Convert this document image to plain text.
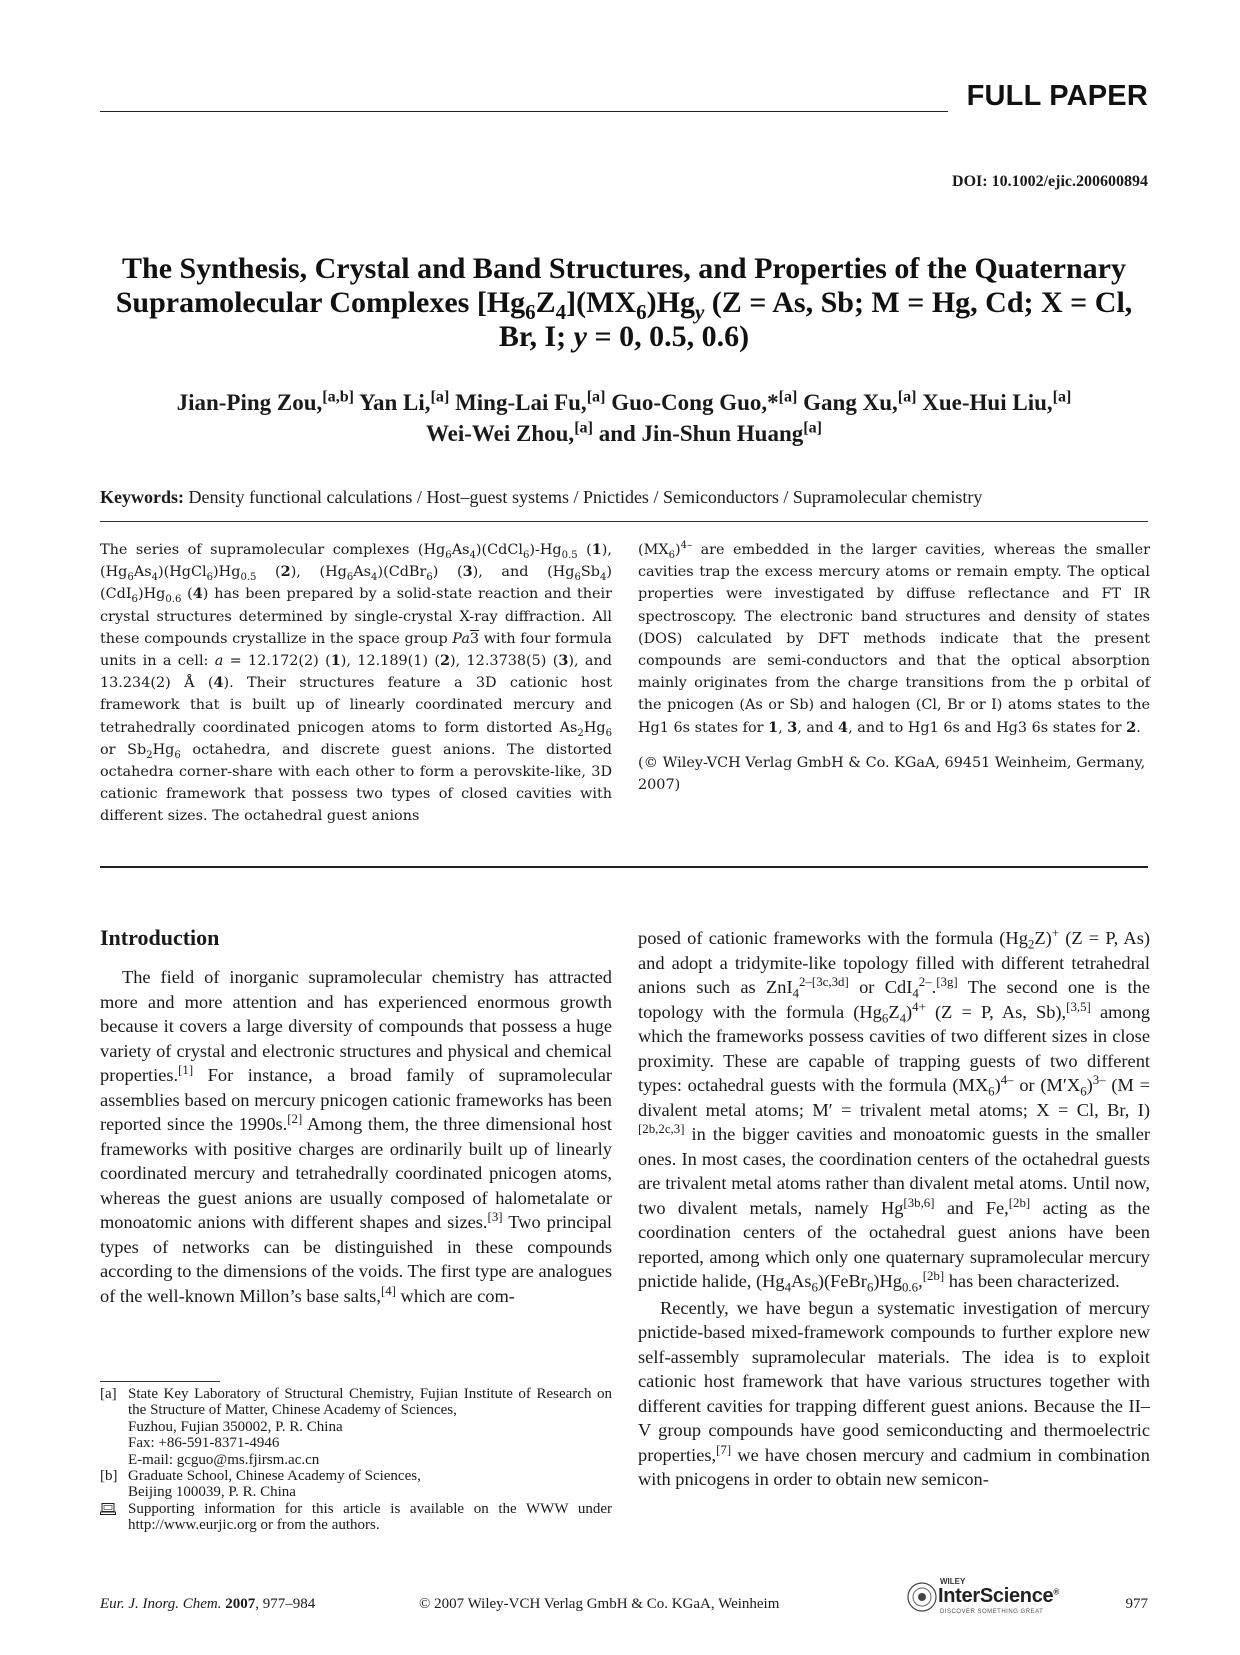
FULL PAPER
DOI: 10.1002/ejic.200600894
The Synthesis, Crystal and Band Structures, and Properties of the Quaternary Supramolecular Complexes $[Hg_6Z_4](MX_6)Hg_y$ (Z = As, Sb; M = Hg, Cd; X = Cl, Br, I; y = 0, 0.5, 0.6)
Jian-Ping Zou,[a,b] Yan Li,[a] Ming-Lai Fu,[a] Guo-Cong Guo,*[a] Gang Xu,[a] Xue-Hui Liu,[a]
Wei-Wei Zhou,[a] and Jin-Shun Huang[a]
Keywords: Density functional calculations / Host–guest systems / Pnictides / Semiconductors / Supramolecular chemistry
The series of supramolecular complexes $(Hg_6As_4)(CdCl_6)-Hg_{0.5}$ (1), $(Hg_6As_4)(HgCl_6)Hg_{0.5}$ (2), $(Hg_6As_4)(CdBr_6)$ (3), and $(Hg_6Sb_4)(CdI_6)Hg_{0.6}$ (4) has been prepared by a solid-state reaction and their crystal structures determined by single-crystal X-ray diffraction. All these compounds crystallize in the space group Pa3 with four formula units in a cell: a = 12.172(2) (1), 12.189(1) (2), 12.3738(5) (3), and 13.234(2) Å (4). Their structures feature a 3D cationic host framework that is built up of linearly coordinated mercury and tetrahedrally coordinated pnicogen atoms to form distorted $As_2Hg_6$ or $Sb_2Hg_6$ octahedra, and discrete guest anions. The distorted octahedra corner-share with each other to form a perovskite-like, 3D cationic framework that possess two types of closed cavities with different sizes. The octahedral guest anions

$(MX_6)^{4-}$ are embedded in the larger cavities, whereas the smaller cavities trap the excess mercury atoms or remain empty. The optical properties were investigated by diffuse reflectance and FT IR spectroscopy. The electronic band structures and density of states (DOS) calculated by DFT methods indicate that the present compounds are semi-conductors and that the optical absorption mainly originates from the charge transitions from the p orbital of the pnicogen (As or Sb) and halogen (Cl, Br or I) atoms states to the Hg1 6s states for 1, 3, and 4, and to Hg1 6s and Hg3 6s states for 2.

(© Wiley-VCH Verlag GmbH & Co. KGaA, 69451 Weinheim, Germany, 2007)

Introduction

The field of inorganic supramolecular chemistry has attracted more and more attention and has experienced enormous growth because it covers a large diversity of compounds that possess a huge variety of crystal and electronic structures and physical and chemical properties.[1] For instance, a broad family of supramolecular assemblies based on mercury pnicogen cationic frameworks has been reported since the 1990s.[2] Among them, the three dimensional host frameworks with positive charges are ordinarily built up of linearly coordinated mercury and tetrahedrally coordinated pnicogen atoms, whereas the guest anions are usually composed of halometalate or monoatomic anions with different shapes and sizes.[3] Two principal types of networks can be distinguished in these compounds according to the dimensions of the voids. The first type are analogues of the well-known Millon’s base salts,[4] which are com-

posed of cationic frameworks with the formula $(Hg_2Z)^+$ (Z = P, As) and adopt a tridymite-like topology filled with different tetrahedral anions such as ZnI$_4^{2-[3c,3d]}$ or CdI$_4^{2-}$.[3g] The second one is the topology with the formula $(Hg_6Z_4)^{4+}$ (Z = P, As, Sb),[3,5] among which the frameworks possess cavities of two different sizes in close proximity. These are capable of trapping guests of two different types: octahedral guests with the formula $(MX_6)^{4-}$ or $(M'X_6)^{3-}$ (M = divalent metal atoms; M′ = trivalent metal atoms; X = Cl, Br, I)[2b,2c,3] in the bigger cavities and monoatomic guests in the smaller ones. In most cases, the coordination centers of the octahedral guests are trivalent metal atoms rather than divalent metal atoms. Until now, two divalent metals, namely Hg[3b,6] and Fe,[2b] acting as the coordination centers of the octahedral guest anions have been reported, among which only one quaternary supramolecular mercury pnictide halide, $(Hg_4As_6)(FeBr_6)Hg_{0.6},[2b]$ has been characterized.

Recently, we have begun a systematic investigation of mercury pnictide-based mixed-framework compounds to further explore new self-assembly supramolecular materials. The idea is to exploit cationic host framework that have various structures together with different cavities for trapping different guest anions. Because the II–V group compounds have good semiconducting and thermoelectric properties,[7] we have chosen mercury and cadmium in combination with pnicogens in order to obtain new semicon-

[a] State Key Laboratory of Structural Chemistry, Fujian Institute of Research on the Structure of Matter, Chinese Academy of Sciences,
Fuzhou, Fujian 350002, P. R. China
Fax: +86-591-8371-4946
E-mail: gcguo@ms.fjirsm.ac.cn
[b] Graduate School, Chinese Academy of Sciences,
Beijing 100039, P. R. China
Supporting information for this article is available on the WWW under http://www.eurjic.org or from the authors.
Eur. J. Inorg. Chem. 2007, 977–984	© 2007 Wiley-VCH Verlag GmbH & Co. KGaA, Weinheim
WILEY
InterScience®
DISCOVER SOMETHING GREAT	977
